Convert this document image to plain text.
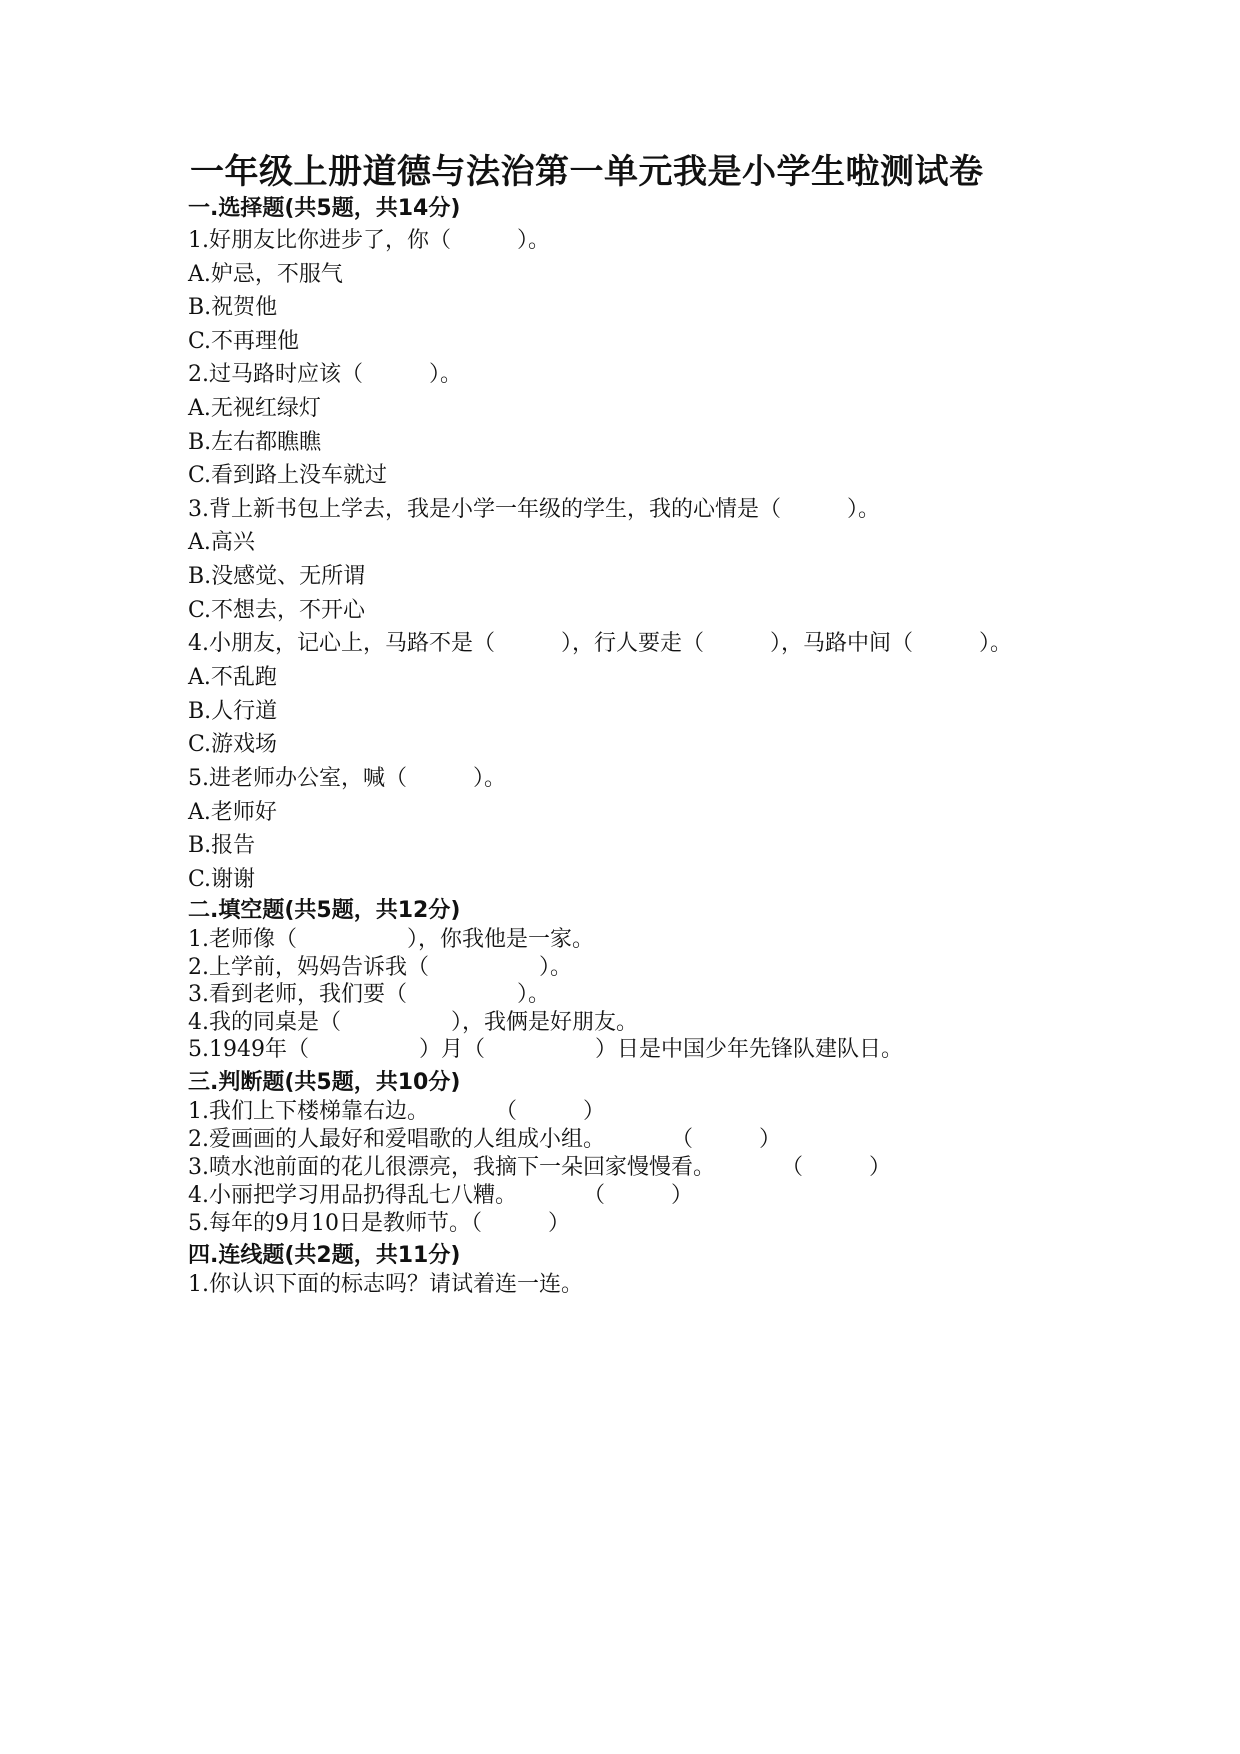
一年级上册道德与法治第一单元我是小学生啦测试卷
一.选择题(共5题，共14分)
1.好朋友比你进步了，你（　　　）。
A.妒忌，不服气
B.祝贺他
C.不再理他
2.过马路时应该（　　　）。
A.无视红绿灯
B.左右都瞧瞧
C.看到路上没车就过
3.背上新书包上学去，我是小学一年级的学生，我的心情是（　　　）。
A.高兴
B.没感觉、无所谓
C.不想去，不开心
4.小朋友，记心上，马路不是（　　　），行人要走（　　　），马路中间（　　　）。
A.不乱跑
B.人行道
C.游戏场
5.进老师办公室，喊（　　　）。
A.老师好
B.报告
C.谢谢
二.填空题(共5题，共12分)
1.老师像（　　　　　），你我他是一家。
2.上学前，妈妈告诉我（　　　　　）。
3.看到老师，我们要（　　　　　）。
4.我的同桌是（　　　　　），我俩是好朋友。
5.1949年（　　　　　）月（　　　　　）日是中国少年先锋队建队日。
三.判断题(共5题，共10分)
1.我们上下楼梯靠右边。　　　　（　　　）
2.爱画画的人最好和爱唱歌的人组成小组。　　　　（　　　）
3.喷水池前面的花儿很漂亮，我摘下一朵回家慢慢看。　　　　（　　　）
4.小丽把学习用品扔得乱七八糟。　　　　（　　　）
5.每年的9月10日是教师节。（　　　）
四.连线题(共2题，共11分)
1.你认识下面的标志吗？请试着连一连。
